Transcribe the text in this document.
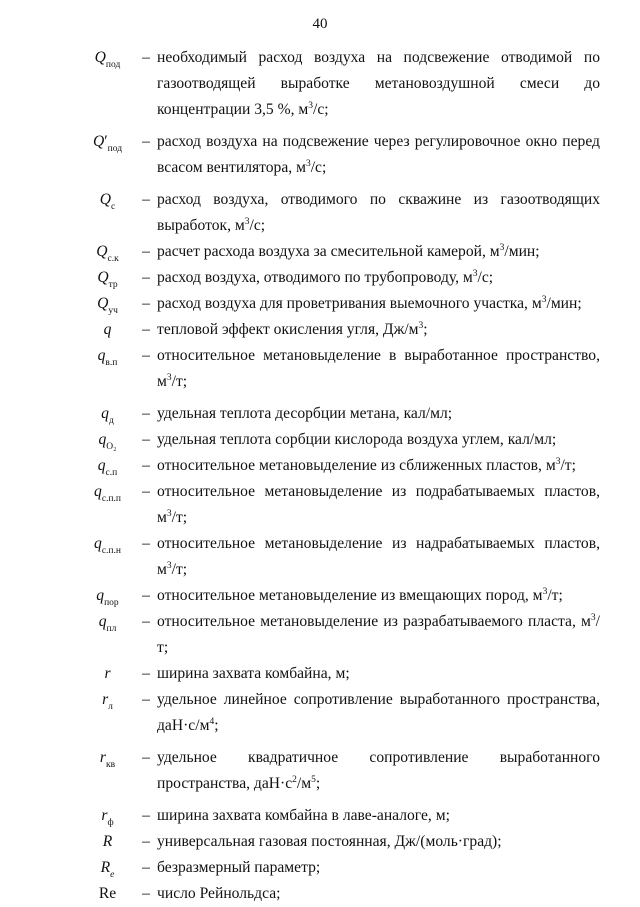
40
$Q_{под}$	– необходимый расход воздуха на подсвежение отводимой по газоотводящей выработке метановоздушной смеси до концентрации 3,5 %, $м^3/с$;
$Q'_{под}$	– расход воздуха на подсвежение через регулировочное окно перед всасом вентилятора, $м^3/с$;
$Q_с$	– расход воздуха, отводимого по скважине из газоотводящих выработок, $м^3/с$;
$Q_{с.к}$	– расчет расхода воздуха за смесительной камерой, $м^3$/мин;
$Q_{тр}$	– расход воздуха, отводимого по трубопроводу, $м^3/с$;
$Q_{уч}$	– расход воздуха для проветривания выемочного участка, $м^3$/мин;
q	– тепловой эффект окисления угля, $Дж/м^3$;
$q_{в.п}$	– относительное метановыделение в выработанное пространство, $м^3/т$;
$q_д$	– удельная теплота десорбции метана, кал/мл;
$q_{O_2}$	– удельная теплота сорбции кислорода воздуха углем, кал/мл;
$q_{с.п}$	– относительное метановыделение из сближенных пластов, $м^3/т$;
$q_{с.п.п}$	– относительное метановыделение из подрабатываемых пластов, $м^3/т$;
$q_{с.п.н}$	– относительное метановыделение из надрабатываемых пластов, $м^3/т$;
$q_{пор}$	– относительное метановыделение из вмещающих пород, $м^3/т$;
$q_{пл}$	– относительное метановыделение из разрабатываемого пласта, $м^3/т$;
r	– ширина захвата комбайна, м;
$r_л$	– удельное линейное сопротивление выработанного пространства, $даН\cdot с/м^4$;
$r_{кв}$	– удельное квадратичное сопротивление выработанного пространства, $даН\cdot с^2/м^5$;
$r_ф$	– ширина захвата комбайна в лаве-аналоге, м;
R	– универсальная газовая постоянная, Дж/(моль·град);
$R_e$	– безразмерный параметр;
Re	– число Рейнольдса;
